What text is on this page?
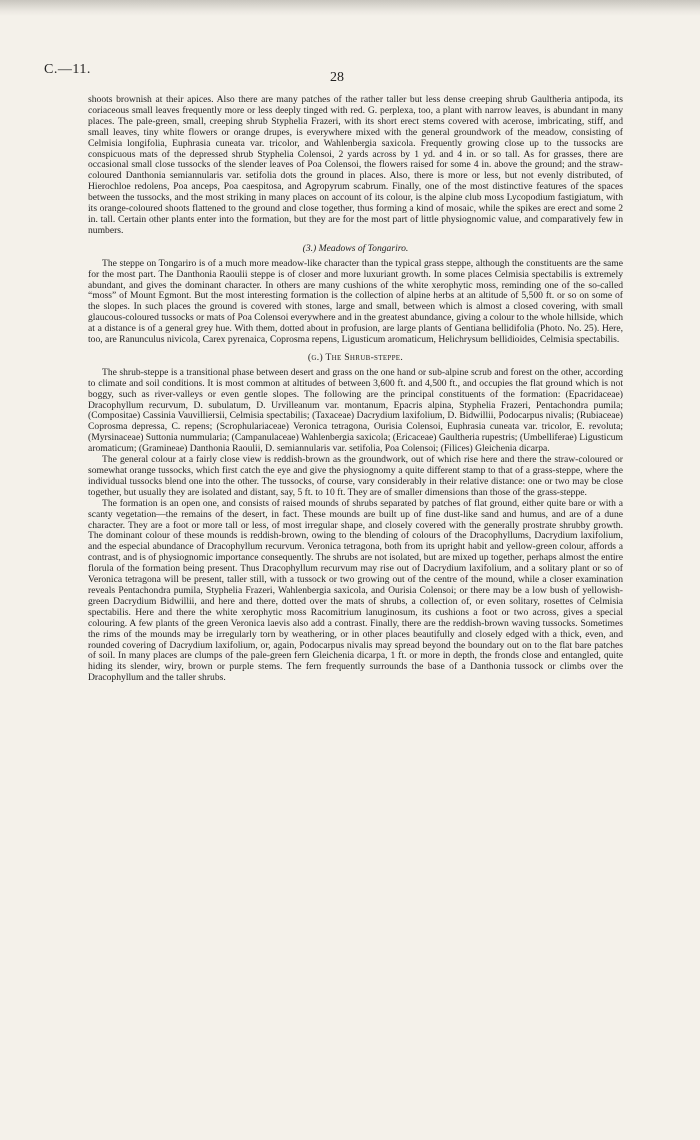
C.—11.
28

shoots brownish at their apices. Also there are many patches of the rather taller but less dense creeping shrub Gaultheria antipoda, its coriaceous small leaves frequently more or less deeply tinged with red. G. perplexa, too, a plant with narrow leaves, is abundant in many places. The pale-green, small, creeping shrub Styphelia Frazeri, with its short erect stems covered with acerose, imbricating, stiff, and small leaves, tiny white flowers or orange drupes, is everywhere mixed with the general groundwork of the meadow, consisting of Celmisia longifolia, Euphrasia cuneata var. tricolor, and Wahlenbergia saxicola. Frequently growing close up to the tussocks are conspicuous mats of the depressed shrub Styphelia Colensoi, 2 yards across by 1 yd. and 4 in. or so tall. As for grasses, there are occasional small close tussocks of the slender leaves of Poa Colensoi, the flowers raised for some 4 in. above the ground; and the straw-coloured Danthonia semiannularis var. setifolia dots the ground in places. Also, there is more or less, but not evenly distributed, of Hierochloe redolens, Poa anceps, Poa caespitosa, and Agropyrum scabrum. Finally, one of the most distinctive features of the spaces between the tussocks, and the most striking in many places on account of its colour, is the alpine club moss Lycopodium fastigiatum, with its orange-coloured shoots flattened to the ground and close together, thus forming a kind of mosaic, while the spikes are erect and some 2 in. tall. Certain other plants enter into the formation, but they are for the most part of little physiognomic value, and comparatively few in numbers.

(3.) Meadows of Tongariro.

The steppe on Tongariro is of a much more meadow-like character than the typical grass steppe, although the constituents are the same for the most part. The Danthonia Raoulii steppe is of closer and more luxuriant growth. In some places Celmisia spectabilis is extremely abundant, and gives the dominant character. In others are many cushions of the white xerophytic moss, reminding one of the so-called “moss” of Mount Egmont. But the most interesting formation is the collection of alpine herbs at an altitude of 5,500 ft. or so on some of the slopes. In such places the ground is covered with stones, large and small, between which is almost a closed covering, with small glaucous-coloured tussocks or mats of Poa Colensoi everywhere and in the greatest abundance, giving a colour to the whole hillside, which at a distance is of a general grey hue. With them, dotted about in profusion, are large plants of Gentiana bellidifolia (Photo. No. 25). Here, too, are Ranunculus nivicola, Carex pyrenaica, Coprosma repens, Ligusticum aromaticum, Helichrysum bellidioides, Celmisia spectabilis.

(g.) The Shrub-steppe.

The shrub-steppe is a transitional phase between desert and grass on the one hand or sub-alpine scrub and forest on the other, according to climate and soil conditions. It is most common at altitudes of between 3,600 ft. and 4,500 ft., and occupies the flat ground which is not boggy, such as river-valleys or even gentle slopes. The following are the principal constituents of the formation: (Epacridaceae) Dracophyllum recurvum, D. subulatum, D. Urvilleanum var. montanum, Epacris alpina, Styphelia Frazeri, Pentachondra pumila; (Compositae) Cassinia Vauvilliersii, Celmisia spectabilis; (Taxaceae) Dacrydium laxifolium, D. Bidwillii, Podocarpus nivalis; (Rubiaceae) Coprosma depressa, C. repens; (Scrophulariaceae) Veronica tetragona, Ourisia Colensoi, Euphrasia cuneata var. tricolor, E. revoluta; (Myrsinaceae) Suttonia nummularia; (Campanulaceae) Wahlenbergia saxicola; (Ericaceae) Gaultheria rupestris; (Umbelliferae) Ligusticum aromaticum; (Gramineae) Danthonia Raoulii, D. semiannularis var. setifolia, Poa Colensoi; (Filices) Gleichenia dicarpa.

The general colour at a fairly close view is reddish-brown as the groundwork, out of which rise here and there the straw-coloured or somewhat orange tussocks, which first catch the eye and give the physiognomy a quite different stamp to that of a grass-steppe, where the individual tussocks blend one into the other. The tussocks, of course, vary considerably in their relative distance: one or two may be close together, but usually they are isolated and distant, say, 5 ft. to 10 ft. They are of smaller dimensions than those of the grass-steppe.

The formation is an open one, and consists of raised mounds of shrubs separated by patches of flat ground, either quite bare or with a scanty vegetation—the remains of the desert, in fact. These mounds are built up of fine dust-like sand and humus, and are of a dune character. They are a foot or more tall or less, of most irregular shape, and closely covered with the generally prostrate shrubby growth. The dominant colour of these mounds is reddish-brown, owing to the blending of colours of the Dracophyllums, Dacrydium laxifolium, and the especial abundance of Dracophyllum recurvum. Veronica tetragona, both from its upright habit and yellow-green colour, affords a contrast, and is of physiognomic importance consequently. The shrubs are not isolated, but are mixed up together, perhaps almost the entire florula of the formation being present. Thus Dracophyllum recurvum may rise out of Dacrydium laxifolium, and a solitary plant or so of Veronica tetragona will be present, taller still, with a tussock or two growing out of the centre of the mound, while a closer examination reveals Pentachondra pumila, Styphelia Frazeri, Wahlenbergia saxicola, and Ourisia Colensoi; or there may be a low bush of yellowish-green Dacrydium Bidwillii, and here and there, dotted over the mats of shrubs, a collection of, or even solitary, rosettes of Celmisia spectabilis. Here and there the white xerophytic moss Racomitrium lanuginosum, its cushions a foot or two across, gives a special colouring. A few plants of the green Veronica laevis also add a contrast. Finally, there are the reddish-brown waving tussocks. Sometimes the rims of the mounds may be irregularly torn by weathering, or in other places beautifully and closely edged with a thick, even, and rounded covering of Dacrydium laxifolium, or, again, Podocarpus nivalis may spread beyond the boundary out on to the flat bare patches of soil. In many places are clumps of the pale-green fern Gleichenia dicarpa, 1 ft. or more in depth, the fronds close and entangled, quite hiding its slender, wiry, brown or purple stems. The fern frequently surrounds the base of a Danthonia tussock or climbs over the Dracophyllum and the taller shrubs.
